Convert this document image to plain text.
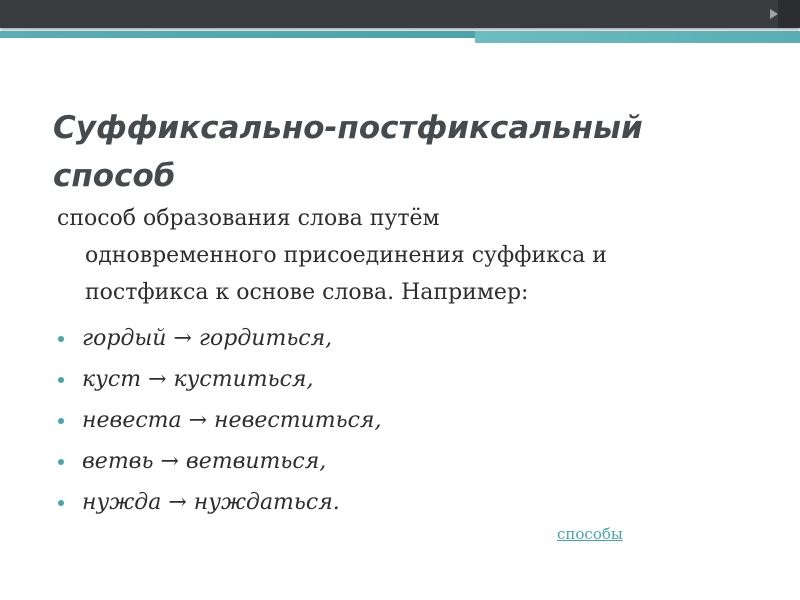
Суффиксально-постфиксальный
способ

способ образования слова путём
одновременного присоединения суффикса и
постфикса к основе слова. Например:

гордый → гордиться,
куст → куститься,
невеста → невеститься,
ветвь → ветвиться,
нужда → нуждаться.
способы
